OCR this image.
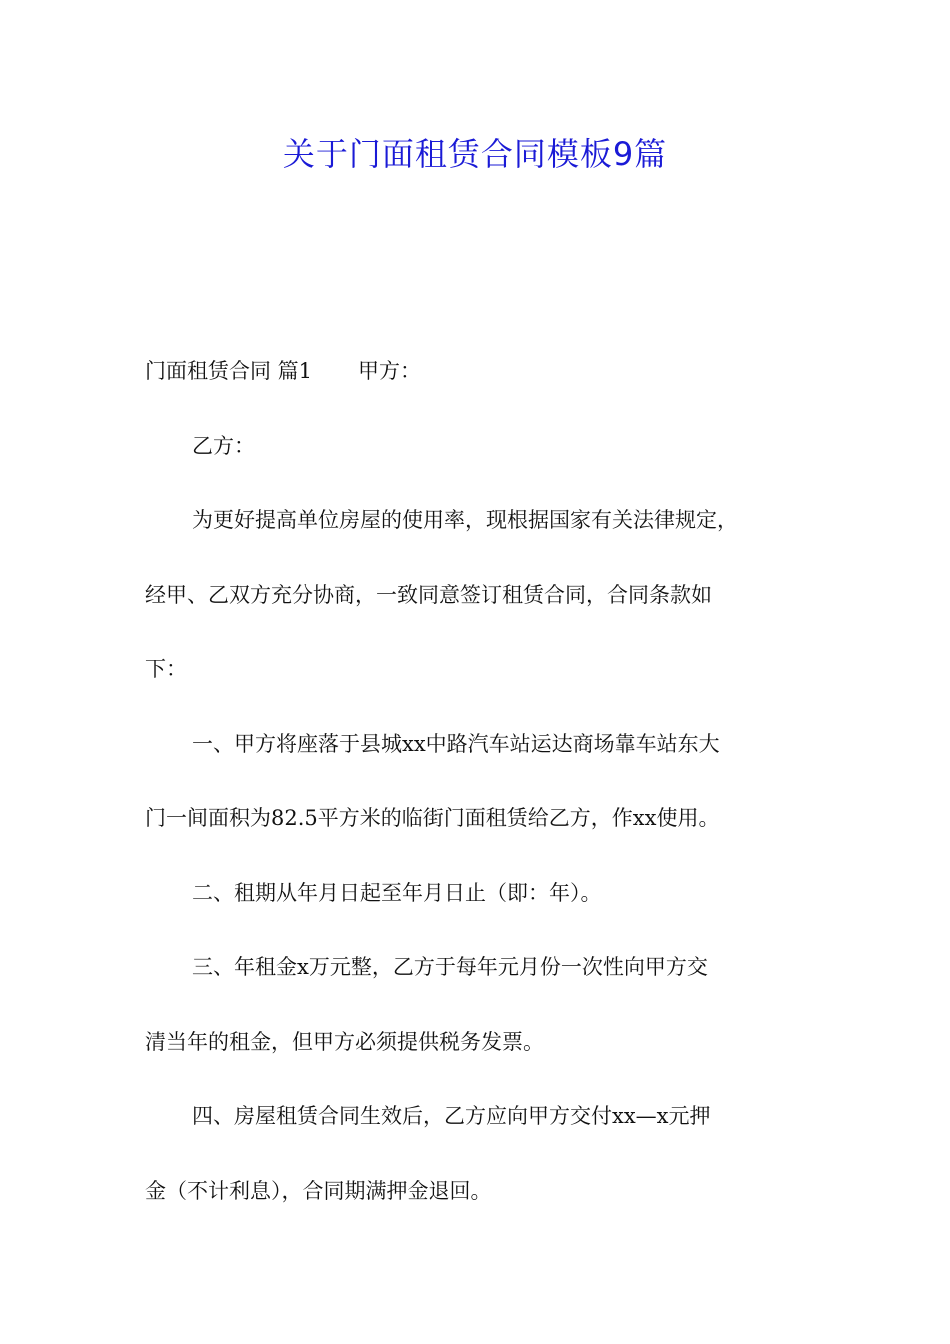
关于门面租赁合同模板9篇
门面租赁合同 篇1 甲方：
乙方：
为更好提高单位房屋的使用率，现根据国家有关法律规定，
经甲、乙双方充分协商，一致同意签订租赁合同，合同条款如
下：
一、甲方将座落于县城xx中路汽车站运达商场靠车站东大
门一间面积为82.5平方米的临街门面租赁给乙方，作xx使用。
二、租期从年月日起至年月日止（即：年）。
三、年租金x万元整，乙方于每年元月份一次性向甲方交
清当年的租金，但甲方必须提供税务发票。
四、房屋租赁合同生效后，乙方应向甲方交付xx—x元押
金（不计利息），合同期满押金退回。
